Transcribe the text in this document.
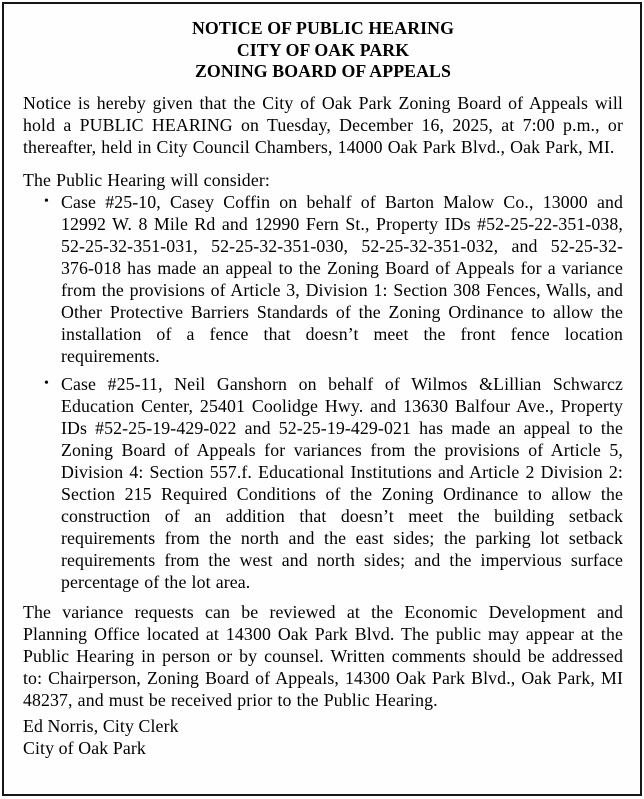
NOTICE OF PUBLIC HEARING
CITY OF OAK PARK
ZONING BOARD OF APPEALS

Notice is hereby given that the City of Oak Park Zoning Board of Appeals will hold a PUBLIC HEARING on Tuesday, December 16, 2025, at 7:00 p.m., or thereafter, held in City Council Chambers, 14000 Oak Park Blvd., Oak Park, MI.

The Public Hearing will consider:

• Case #25-10, Casey Coffin on behalf of Barton Malow Co., 13000 and 12992 W. 8 Mile Rd and 12990 Fern St., Property IDs #52-25-22-351-038, 52-25-32-351-031, 52-25-32-351-030, 52-25-32-351-032, and 52-25-32-376-018 has made an appeal to the Zoning Board of Appeals for a variance from the provisions of Article 3, Division 1: Section 308 Fences, Walls, and Other Protective Barriers Standards of the Zoning Ordinance to allow the installation of a fence that doesn’t meet the front fence location requirements.
• Case #25-11, Neil Ganshorn on behalf of Wilmos &Lillian Schwarcz Education Center, 25401 Coolidge Hwy. and 13630 Balfour Ave., Property IDs #52-25-19-429-022 and 52-25-19-429-021 has made an appeal to the Zoning Board of Appeals for variances from the provisions of Article 5, Division 4: Section 557.f. Educational Institutions and Article 2 Division 2: Section 215 Required Conditions of the Zoning Ordinance to allow the construction of an addition that doesn’t meet the building setback requirements from the north and the east sides; the parking lot setback requirements from the west and north sides; and the impervious surface percentage of the lot area.

The variance requests can be reviewed at the Economic Development and Planning Office located at 14300 Oak Park Blvd. The public may appear at the Public Hearing in person or by counsel. Written comments should be addressed to: Chairperson, Zoning Board of Appeals, 14300 Oak Park Blvd., Oak Park, MI 48237, and must be received prior to the Public Hearing.

Ed Norris, City Clerk
City of Oak Park
